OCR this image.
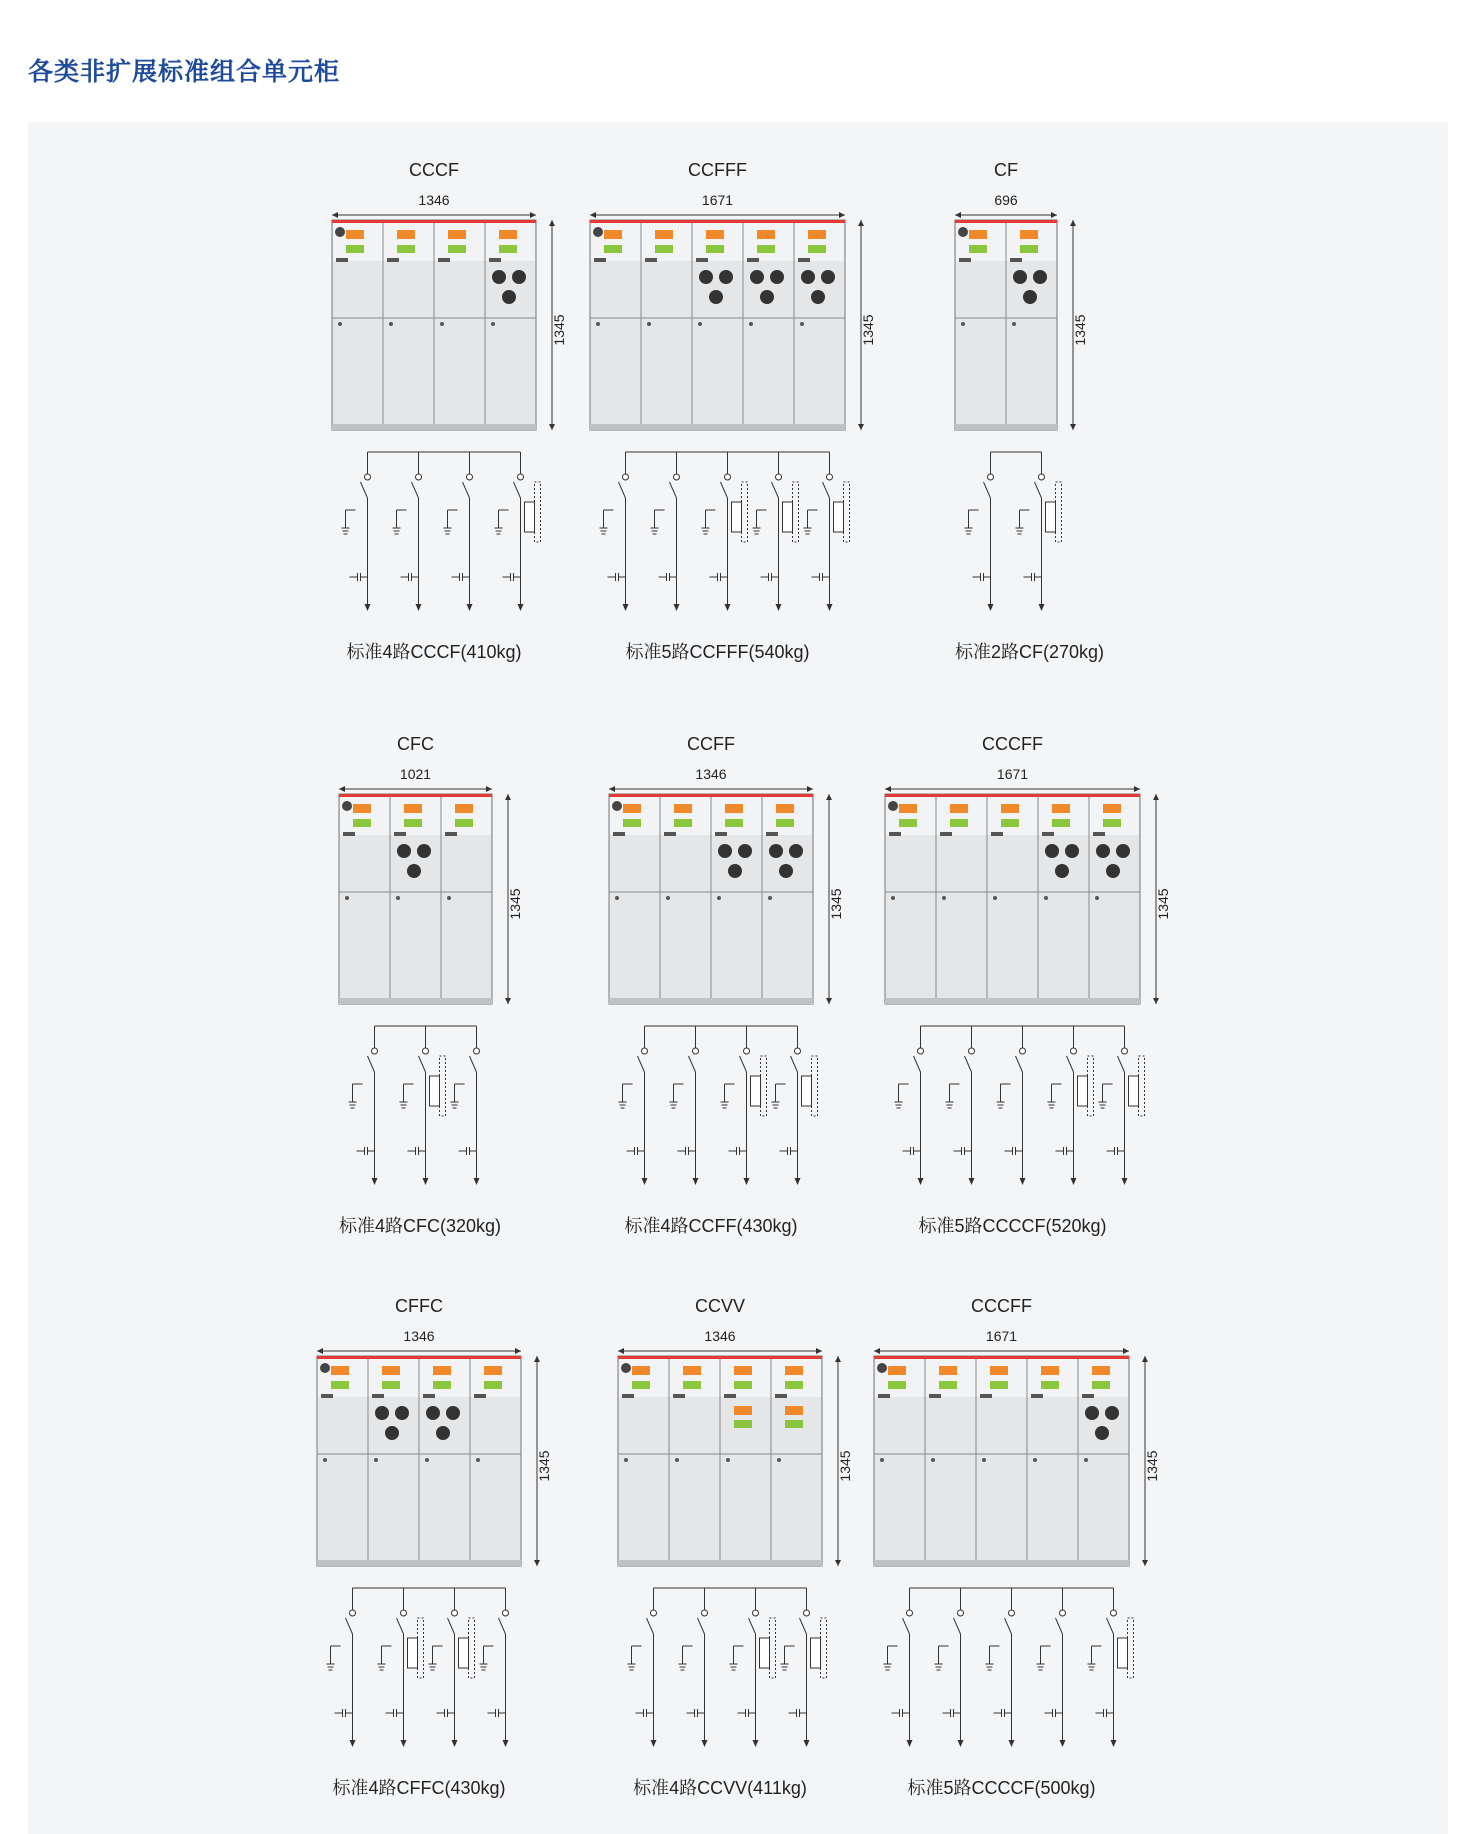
各类非扩展标准组合单元柜
CCCF
1346
1345
标准4路CCCF(410kg)
CCFFF
1671
1345
标准5路CCFFF(540kg)
CF
696
1345
标准2路CF(270kg)
CFC
1021
1345
标准4路CFC(320kg)
CCFF
1346
1345
标准4路CCFF(430kg)
CCCFF
1671
1345
标准5路CCCCF(520kg)
CFFC
1346
1345
标准4路CFFC(430kg)
CCVV
1346
1345
标准4路CCVV(411kg)
CCCFF
1671
1345
标准5路CCCCF(500kg)
